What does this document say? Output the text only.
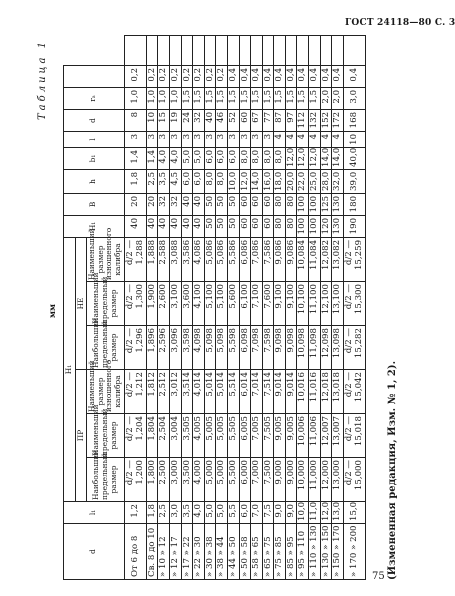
ГОСТ 24118—80 С. 3
Таблица 1
мм
d	l₁	H₁						H₁	B	h	b₁	l	d	rₐ		
		ПР			НЕ											
		Наибольший предельный размер	Наименьший предельный размер	Наименьший размер изношенного калибра	Наибольший предельный размер	Наименьший предельный размер	Наименьший размер изношенного калибра									
От 6 до 8	1,2	d/2 — 1,200	d/2 — 1,204	d/2 — 1,212	d/2 — 1,296	d/2 — 1,300	d/2 — 1,288	40	20	1,8	1,4	3	8	1,0	0,2	
Св. 8 до 10	1,8	1,800	1,804	1,812	1,896	1,900	1,888	40	20	2,5	1,4	3	10	1,0	0,2	
» 10 » 12	2,5	2,500	2,504	2,512	2,596	2,600	2,588	40	32	3,5	4,0	3	15	1,0	0,2	
» 12 » 17	3,0	3,000	3,004	3,012	3,096	3,100	3,088	40	32	4,5	4,0	3	19	1,0	0,2	
» 17 » 22	3,5	3,500	3,505	3,514	3,598	3,600	3,586	40	40	6,0	5,0	3	24	1,5	0,2	
» 22 » 30	4,0	4,000	4,005	4,014	4,098	4,100	4,086	40	40	6,0	5,0	3	32	1,5	0,2	
» 30 » 38	5,0	5,000	5,005	5,014	5,098	5,100	5,086	50	50	8,0	6,0	3	40	1,5	0,2	
» 38 » 44	5,0	5,000	5,005	5,014	5,098	5,100	5,086	50	50	8,0	6,0	3	46	1,5	0,2	
» 44 » 50	5,5	5,500	5,505	5,514	5,598	5,600	5,586	50	50	10,0	6,0	3	52	1,5	0,4	
» 50 » 58	6,0	6,000	6,005	6,014	6,098	6,100	6,086	60	60	12,0	8,0	3	60	1,5	0,4	
» 58 » 65	7,0	7,000	7,005	7,014	7,098	7,100	7,086	60	60	14,0	8,0	3	67	1,5	0,4	
» 65 » 75	7,5	7,500	7,505	7,514	7,598	7,600	7,586	60	60	16,0	8,0	3	77	1,5	0,4	
» 75 » 85	9,0	9,000	9,005	9,014	9,098	9,100	9,086	80	80	18,0	8,0	4	87	1,5	0,4	
» 85 » 95	9,0	9,000	9,005	9,014	9,098	9,100	9,086	80	80	20,0	12,0	4	97	1,5	0,4	
» 95 » 110	10,0	10,000	10,006	10,016	10,098	10,100	10,084	100	100	22,0	12,0	4	112	1,5	0,4	
» 110 » 130	11,0	11,000	11,006	11,016	11,098	11,100	11,084	100	100	25,0	12,0	4	132	1,5	0,4	
» 130 » 150	12,0	12,000	12,007	12,018	12,098	12,100	12,082	120	125	28,0	14,0	4	152	2,0	0,4	
» 150 » 170	13,0	13,000	13,007	13,018	13,098	13,100	13,082	130	130	32,0	14,0	4	172	2,0	0,4	
» 170 » 200	15,0	d/2 — 15,000	d/2 — 15,018	d/2 — 15,042	d/2 — 15,282	d/2 — 15,300	d/2 — 15,259	190	180	39,0	40,0	10	168	3,0	0,4	
(Измененная редакция, Изм. № 1, 2).
75
